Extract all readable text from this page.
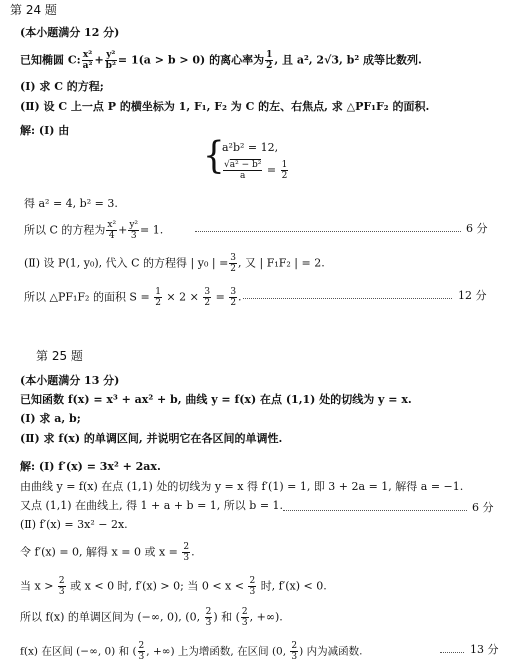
第 24 题
(本小题满分 12 分)
已知椭圆 C: $\frac{\text{x²}}{\text{a²}} + \frac{\text{y²}}{\text{b²}} = 1(a > b > 0)$ 的离心率为 $\frac{1}{2}$ , 且 a², 2√3, b² 成等比数列.
(Ⅰ) 求 C 的方程;
(Ⅱ) 设 C 上一点 P 的横坐标为 1, F₁, F₂ 为 C 的左、右焦点, 求 △PF₁F₂ 的面积.
解: (Ⅰ) 由
{
a²b² = 12,
$\frac{\text{√a² − b²}}{a} = \frac{1}{2}$
得 a² = 4, b² = 3.
所以 C 的方程为 $\frac{\text{x²}}{4} + \frac{\text{y²}}{3} = 1$.	6 分
(Ⅱ) 设 P(1, y₀), 代入 C 的方程得 | y₀ | = $\frac{3}{2}$ , 又 | F₁F₂ | = 2.
所以 △PF₁F₂ 的面积 $S = \frac{1}{2} \times 2 \times \frac{3}{2} = \frac{3}{2}$ .	12 分
第 25 题
(本小题满分 13 分)
已知函数 f(x) = x³ + ax² + b, 曲线 y = f(x) 在点 (1,1) 处的切线为 y = x.
(Ⅰ) 求 a, b;
(Ⅱ) 求 f(x) 的单调区间, 并说明它在各区间的单调性.
解: (Ⅰ) f′(x) = 3x² + 2ax.
由曲线 y = f(x) 在点 (1,1) 处的切线为 y = x 得 f′(1) = 1, 即 3 + 2a = 1, 解得 a = −1.
又点 (1,1) 在曲线上, 得 1 + a + b = 1, 所以 b = 1.	6 分
(Ⅱ) f′(x) = 3x² − 2x.
令 f′(x) = 0, 解得 x = 0 或 $x = \frac{2}{3}$ .
当 $x > \frac{2}{3}$ 或 x < 0 时, f′(x) > 0; 当 $0 < x < \frac{2}{3}$ 时, f′(x) < 0.
所以 f(x) 的单调区间为 (−∞, 0), (0, $\frac{2}{3}$ ) 和 ( $\frac{2}{3}$ , +∞).
f(x) 在区间 (−∞, 0) 和 ( $\frac{2}{3}$ , +∞) 上为增函数, 在区间 (0, $\frac{2}{3}$ ) 内为减函数.	13 分
